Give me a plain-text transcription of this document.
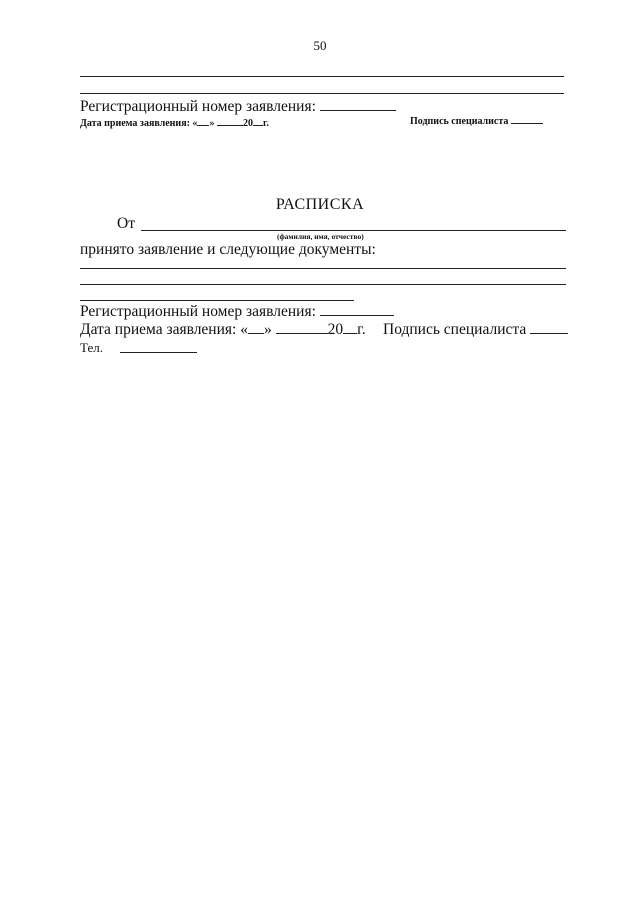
50
Регистрационный номер заявления:
Дата приема заявления: « »	20 г.	Подпись специалиста
РАСПИСКА
От
(фамилия, имя, отчество)
принято заявление и следующие документы:
Регистрационный номер заявления:
Дата приема заявления: « »	20 г. Подпись специалиста
Тел.
